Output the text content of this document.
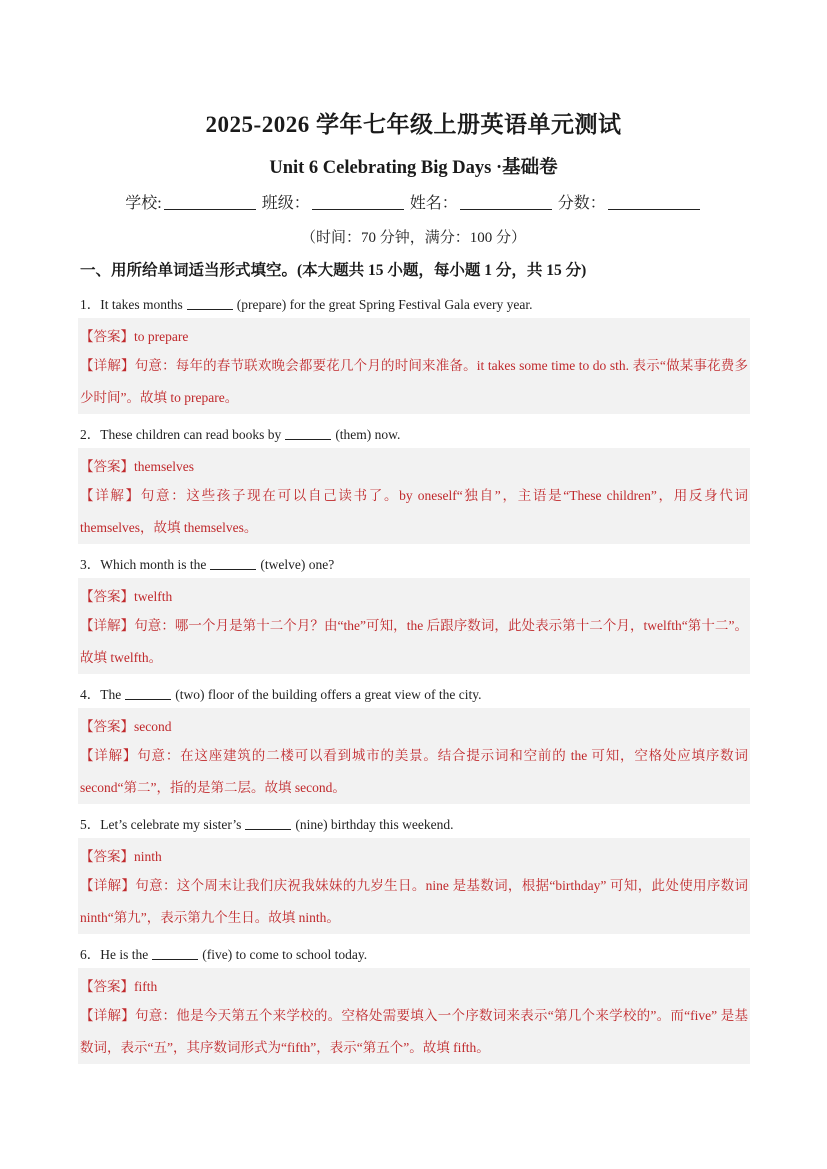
2025-2026 学年七年级上册英语单元测试
Unit 6 Celebrating Big Days ·基础卷
学校:	班级：	姓名：	分数：
（时间：70 分钟，满分：100 分）
一、用所给单词适当形式填空。(本大题共 15 小题，每小题 1 分，共 15 分)
1．It takes months	(prepare) for the great Spring Festival Gala every year.
【答案】to prepare
【详解】句意：每年的春节联欢晚会都要花几个月的时间来准备。it takes some time to do sth. 表示“做某事花费多少时间”。故填 to prepare。
2．These children can read books by	(them) now.
【答案】themselves
【详解】句意：这些孩子现在可以自己读书了。by oneself“独自”，主语是“These children”，用反身代词 themselves，故填 themselves。
3．Which month is the	(twelve) one?
【答案】twelfth
【详解】句意：哪一个月是第十二个月？由“the”可知，the 后跟序数词，此处表示第十二个月，twelfth“第十二”。故填 twelfth。
4．The	(two) floor of the building offers a great view of the city.
【答案】second
【详解】句意：在这座建筑的二楼可以看到城市的美景。结合提示词和空前的 the 可知，空格处应填序数词 second“第二”，指的是第二层。故填 second。
5．Let’s celebrate my sister’s	(nine) birthday this weekend.
【答案】ninth
【详解】句意：这个周末让我们庆祝我妹妹的九岁生日。nine 是基数词，根据“birthday” 可知，此处使用序数词 ninth“第九”，表示第九个生日。故填 ninth。
6．He is the	(five) to come to school today.
【答案】fifth
【详解】句意：他是今天第五个来学校的。空格处需要填入一个序数词来表示“第几个来学校的”。而“five” 是基数词，表示“五”，其序数词形式为“fifth”，表示“第五个”。故填 fifth。
